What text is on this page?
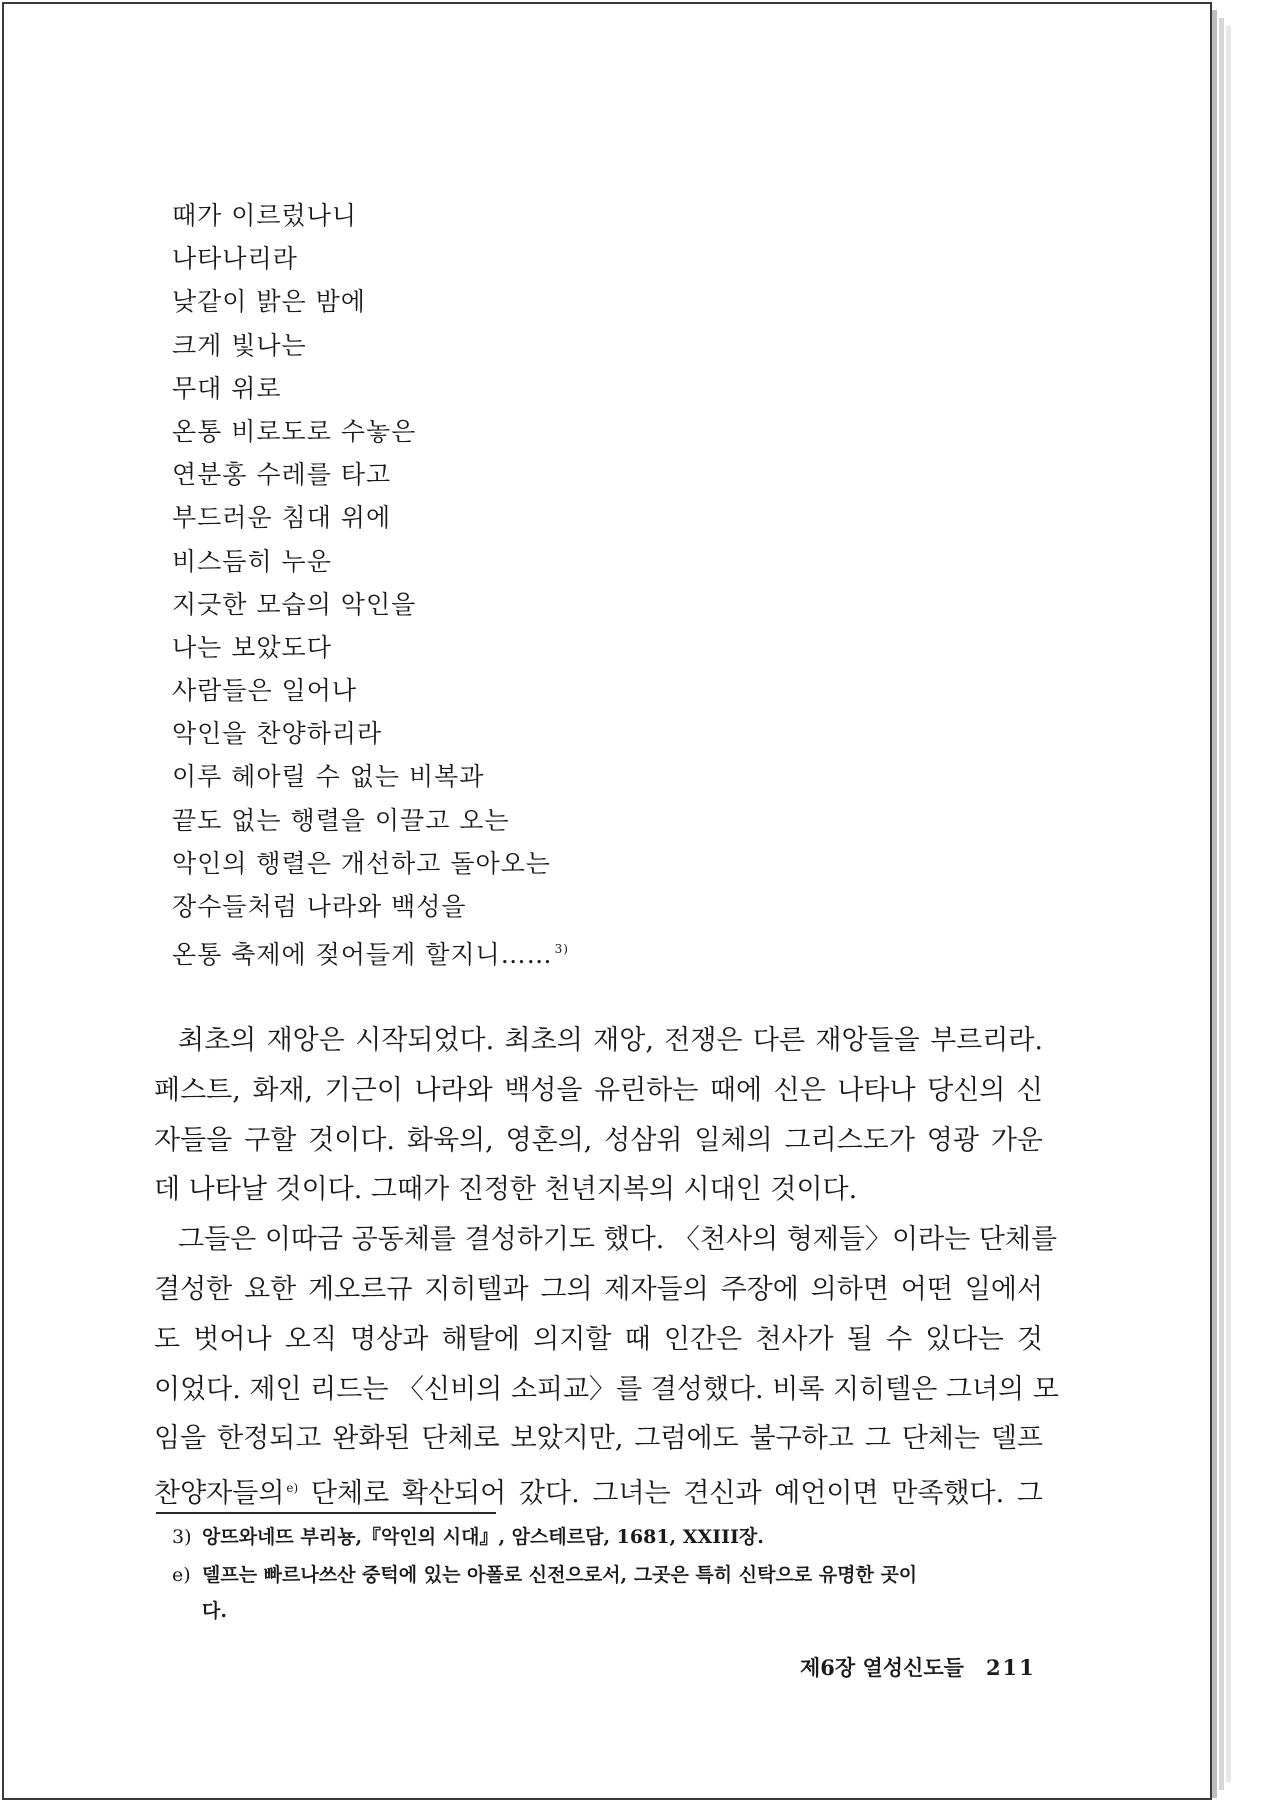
때가 이르렀나니
나타나리라
낮같이 밝은 밤에
크게 빛나는
무대 위로
온통 비로도로 수놓은
연분홍 수레를 타고
부드러운 침대 위에
비스듬히 누운
지긋한 모습의 악인을
나는 보았도다
사람들은 일어나
악인을 찬양하리라
이루 헤아릴 수 없는 비복과
끝도 없는 행렬을 이끌고 오는
악인의 행렬은 개선하고 돌아오는
장수들처럼 나라와 백성을
온통 축제에 젖어들게 할지니…… $^{3)}$
최초의 재앙은 시작되었다. 최초의 재앙, 전쟁은 다른 재앙들을 부르리라.
페스트, 화재, 기근이 나라와 백성을 유린하는 때에 신은 나타나 당신의 신
자들을 구할 것이다. 화육의, 영혼의, 성삼위 일체의 그리스도가 영광 가운
데 나타날 것이다. 그때가 진정한 천년지복의 시대인 것이다.
그들은 이따금 공동체를 결성하기도 했다. 〈천사의 형제들〉이라는 단체를
결성한 요한 게오르규 지히텔과 그의 제자들의 주장에 의하면 어떤 일에서
도 벗어나 오직 명상과 해탈에 의지할 때 인간은 천사가 될 수 있다는 것
이었다. 제인 리드는 〈신비의 소피교〉를 결성했다. 비록 지히텔은 그녀의 모
임을 한정되고 완화된 단체로 보았지만, 그럼에도 불구하고 그 단체는 델프
찬양자들의 $^{e)}$ 단체로 확산되어 갔다. 그녀는 견신과 예언이면 만족했다. 그
3) 앙뜨와네뜨 부리뇽,『악인의 시대』, 암스테르담, 1681, XXIII장.
e) 델프는 빠르나쓰산 중턱에 있는 아폴로 신전으로서, 그곳은 특히 신탁으로 유명한 곳이
다.
제6장 열성신도들 211
